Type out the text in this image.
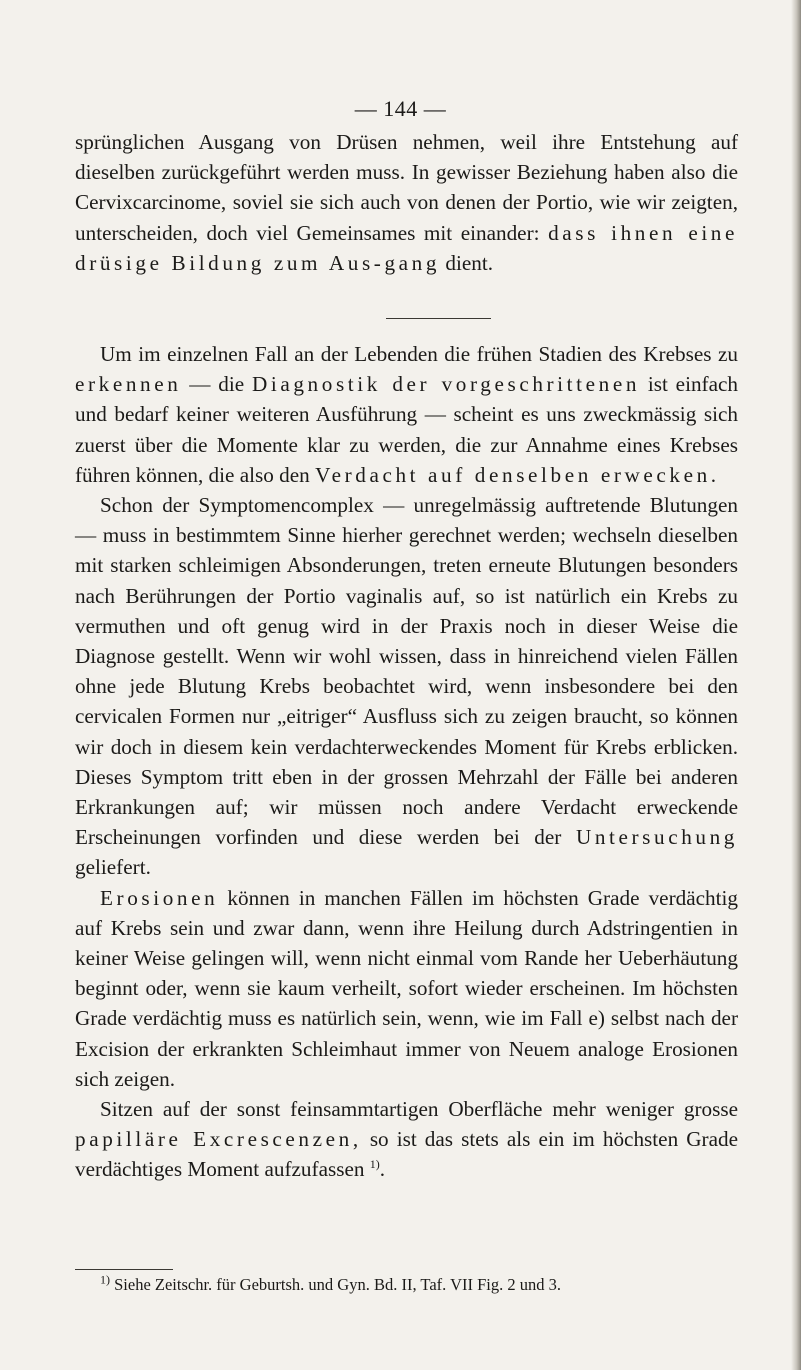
— 144 —

sprünglichen Ausgang von Drüsen nehmen, weil ihre Entstehung auf dieselben zurückgeführt werden muss. In gewisser Beziehung haben also die Cervixcarcinome, soviel sie sich auch von denen der Portio, wie wir zeigten, unterscheiden, doch viel Gemeinsames mit einander: dass ihnen eine drüsige Bildung zum Aus-gang dient.

Um im einzelnen Fall an der Lebenden die frühen Stadien des Krebses zu erkennen — die Diagnostik der vorgeschrittenen ist einfach und bedarf keiner weiteren Ausführung — scheint es uns zweckmässig sich zuerst über die Momente klar zu werden, die zur Annahme eines Krebses führen können, die also den Verdacht auf denselben erwecken.

Schon der Symptomencomplex — unregelmässig auftretende Blutungen — muss in bestimmtem Sinne hierher gerechnet werden; wechseln dieselben mit starken schleimigen Absonderungen, treten erneute Blutungen besonders nach Berührungen der Portio vaginalis auf, so ist natürlich ein Krebs zu vermuthen und oft genug wird in der Praxis noch in dieser Weise die Diagnose gestellt. Wenn wir wohl wissen, dass in hinreichend vielen Fällen ohne jede Blutung Krebs beobachtet wird, wenn insbesondere bei den cervicalen Formen nur „eitriger“ Ausfluss sich zu zeigen braucht, so können wir doch in diesem kein verdachterweckendes Moment für Krebs erblicken. Dieses Symptom tritt eben in der grossen Mehrzahl der Fälle bei anderen Erkrankungen auf; wir müssen noch andere Verdacht erweckende Erscheinungen vorfinden und diese werden bei der Untersuchung geliefert.

Erosionen können in manchen Fällen im höchsten Grade verdächtig auf Krebs sein und zwar dann, wenn ihre Heilung durch Adstringentien in keiner Weise gelingen will, wenn nicht einmal vom Rande her Ueberhäutung beginnt oder, wenn sie kaum verheilt, sofort wieder erscheinen. Im höchsten Grade verdächtig muss es natürlich sein, wenn, wie im Fall e) selbst nach der Excision der erkrankten Schleimhaut immer von Neuem analoge Erosionen sich zeigen.

Sitzen auf der sonst feinsammtartigen Oberfläche mehr weniger grosse papilläre Excrescenzen, so ist das stets als ein im höchsten Grade verdächtiges Moment aufzufassen $^{1)}$.

$^{1)}$ Siehe Zeitschr. für Geburtsh. und Gyn. Bd. II, Taf. VII Fig. 2 und 3.
